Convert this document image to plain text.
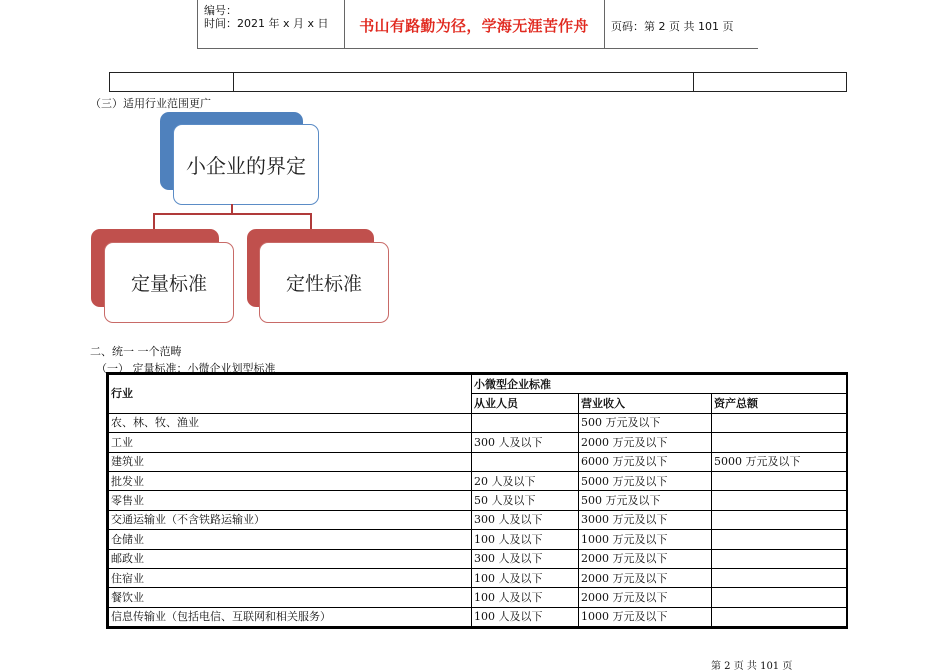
编号：
时间：2021 年 x 月 x 日	书山有路勤为径，学海无涯苦作舟	页码：第 2 页 共 101 页
（三）适用行业范围更广
小企业的界定
定量标准	定性标准
二、统一 一个范畴
（一） 定量标准：小微企业划型标准
行业	小微型企业标准		
	从业人员	营业收入	资产总额
农、林、牧、渔业		500 万元及以下	
工业	300 人及以下	2000 万元及以下	
建筑业		6000 万元及以下	5000 万元及以下
批发业	20 人及以下	5000 万元及以下	
零售业	50 人及以下	500 万元及以下	
交通运输业（不含铁路运输业）	300 人及以下	3000 万元及以下	
仓储业	100 人及以下	1000 万元及以下	
邮政业	300 人及以下	2000 万元及以下	
住宿业	100 人及以下	2000 万元及以下	
餐饮业	100 人及以下	2000 万元及以下	
信息传输业（包括电信、互联网和相关服务）	100 人及以下	1000 万元及以下	
第 2 页 共 101 页
